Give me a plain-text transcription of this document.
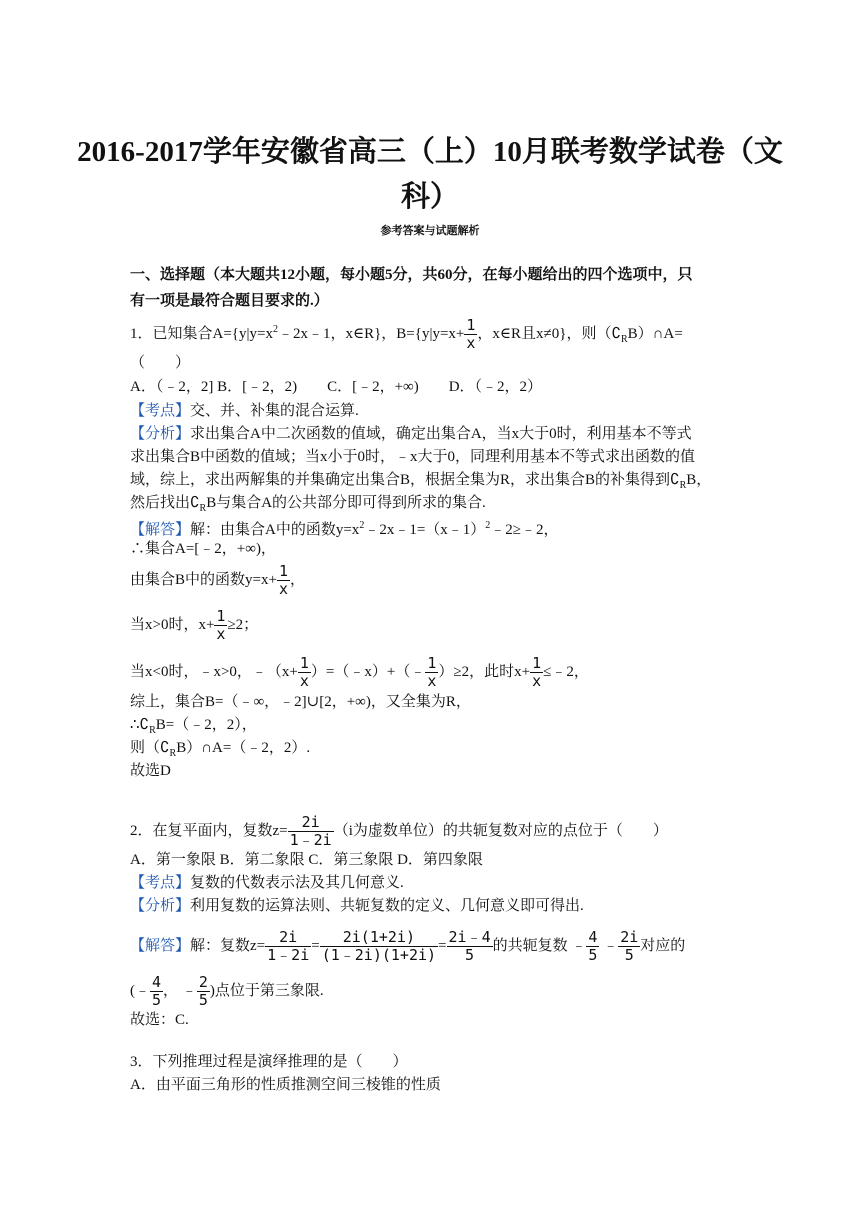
2016-2017学年安徽省高三（上）10月联考数学试卷（文
科）
参考答案与试题解析
一、选择题（本大题共12小题，每小题5分，共60分，在每小题给出的四个选项中，只
有一项是最符合题目要求的.）
1．已知集合$A=\{y|y=x^2﹣2x﹣1$，x∈R}，$B=\{y|y=x+ \frac{1}{x}$ ，x∈R且x≠0}，则$(∁_RB)\cap A=$
（　　）
A．（﹣2，2] B．[﹣2，2)　　C．[﹣2，+∞)　　D．（﹣2，2）
【考点】交、并、补集的混合运算.
【分析】求出集合A中二次函数的值域，确定出集合A，当x大于0时，利用基本不等式
求出集合B中函数的值域；当x小于0时，﹣x大于0，同理利用基本不等式求出函数的值
域，综上，求出两解集的并集确定出集合B，根据全集为R，求出集合B的补集得到$∁_RB$，
然后找出$∁_RB$与集合A的公共部分即可得到所求的集合.
【解答】解：由集合A中的函数$y=x^2﹣2x﹣1=(x﹣1)^2﹣2\ge﹣2$，
∴集合A=[﹣2，+∞)，
由集合B中的函数$y=x+ \frac{1}{x}$ ，
当x>0时，$x+ \frac{1}{x} \ge 2$；
当x<0时，﹣x>0，﹣（x+ $\frac{1}{x}$ ）=（﹣x）+（﹣ $\frac{1}{x} )\ge 2$，此时$x+ \frac{1}{x}$ ≤﹣2，
综上，集合B=（﹣∞，﹣2]∪[2，+∞)，又全集为R，
$\therefore∁_RB=(﹣2$，2），
则$(∁_RB)\cap A=(﹣2$，2）.
故选D
2．在复平面内，复数$z= \frac{2i}{1﹣2i} (i$为虚数单位）的共轭复数对应的点位于（　　）
A．第一象限 B．第二象限 C．第三象限 D．第四象限
【考点】复数的代数表示法及其几何意义.
【分析】利用复数的运算法则、共轭复数的定义、几何意义即可得出.
【解答】解：复数$z= \frac{2i}{1﹣2i} = \frac{2i(1+2i)}{(1﹣2i)(1+2i)} = \frac{2i﹣4}{5}$ 的共轭复数 ﹣ $\frac{4}{5}$ ﹣ $\frac{2i}{5}$ 对应的
(﹣ $\frac{4}{5}$ ， ﹣ $\frac{2}{5}$ )点位于第三象限.
故选：C.
3．下列推理过程是演绎推理的是（　　）
A．由平面三角形的性质推测空间三棱锥的性质
